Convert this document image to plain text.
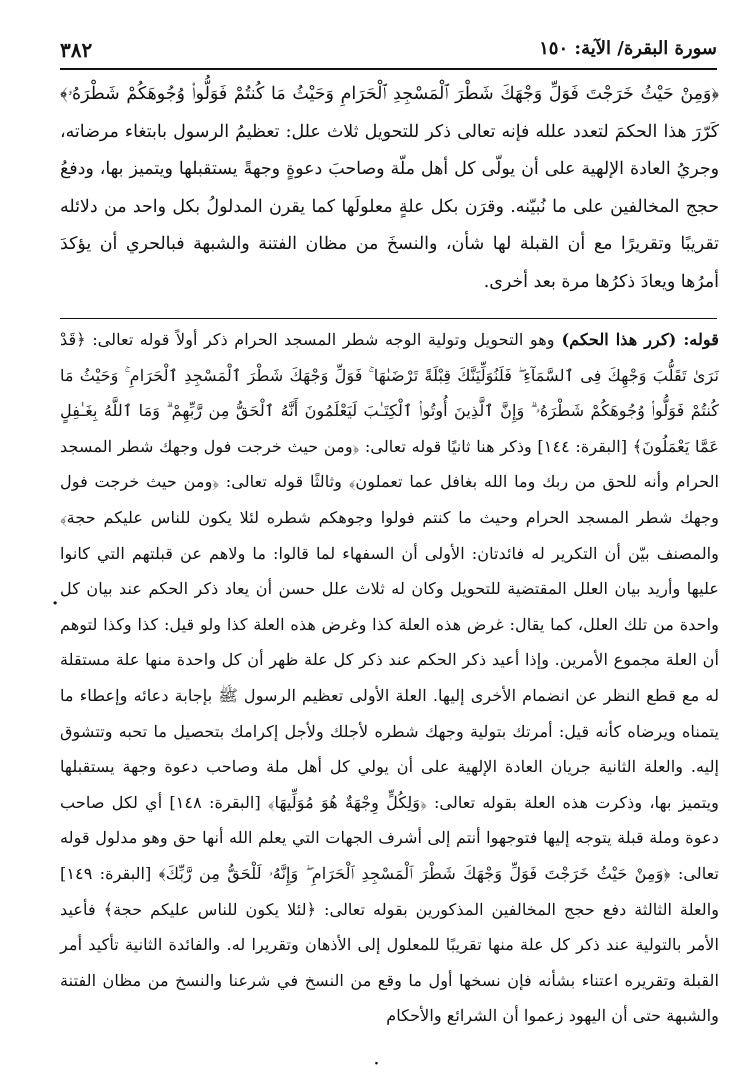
سورة البقرة/ الآية: ١٥٠
٣٨٢

﴿وَمِنْ حَيْثُ خَرَجْتَ فَوَلِّ وَجْهَكَ شَطْرَ ٱلْمَسْجِدِ ٱلْحَرَامِ وَحَيْثُ مَا كُنتُمْ فَوَلُّوا۟ وُجُوهَكُمْ شَطْرَهُۥ﴾ كَرّرَ هذا الحكمَ لتعدد علله فإنه تعالى ذكر للتحويل ثلاث علل: تعظيمُ الرسول بابتغاء مرضاته، وجريُ العادة الإلهية على أن يولّى كل أهل ملّة وصاحبَ دعوةٍ وجهةً يستقبلها ويتميز بها، ودفعُ حجج المخالفين على ما نُبيّنه. وقرَن بكل علةٍ معلولَها كما يقرن المدلولُ بكل واحد من دلائله تقريبًا وتقريرًا مع أن القبلة لها شأن، والنسخَ من مظان الفتنة والشبهة فبالحري أن يؤكدَ أمرُها ويعادَ ذكرُها مرة بعد أخرى.

قوله: (كرر هذا الحكم) وهو التحويل وتولية الوجه شطر المسجد الحرام ذكر أولاً قوله تعالى: ﴿قَدْ نَرَىٰ تَقَلُّبَ وَجْهِكَ فِى ٱلسَّمَآءِ ۖ فَلَنُوَلِّيَنَّكَ قِبْلَةً تَرْضَىٰهَا ۚ فَوَلِّ وَجْهَكَ شَطْرَ ٱلْمَسْجِدِ ٱلْحَرَامِ ۚ وَحَيْثُ مَا كُنتُمْ فَوَلُّوا۟ وُجُوهَكُمْ شَطْرَهُۥ ۗ وَإِنَّ ٱلَّذِينَ أُوتُوا۟ ٱلْكِتَـٰبَ لَيَعْلَمُونَ أَنَّهُ ٱلْحَقُّ مِن رَّبِّهِمْ ۗ وَمَا ٱللَّهُ بِغَـٰفِلٍ عَمَّا يَعْمَلُونَ﴾ [البقرة: ١٤٤] وذكر هنا ثانيًا قوله تعالى: ﴿ومن حيث خرجت فول وجهك شطر المسجد الحرام وأنه للحق من ربك وما الله بغافل عما تعملون﴾ وثالثًا قوله تعالى: ﴿ومن حيث خرجت فول وجهك شطر المسجد الحرام وحيث ما كنتم فولوا وجوهكم شطره لئلا يكون للناس عليكم حجة﴾ والمصنف بيّن أن التكرير له فائدتان: الأولى أن السفهاء لما قالوا: ما ولاهم عن قبلتهم التي كانوا عليها وأريد بيان العلل المقتضية للتحويل وكان له ثلاث علل حسن أن يعاد ذكر الحكم عند بيان كل واحدة من تلك العلل، كما يقال: غرض هذه العلة كذا وغرض هذه العلة كذا ولو قيل: كذا وكذا لتوهم أن العلة مجموع الأمرين. وإذا أعيد ذكر الحكم عند ذكر كل علة ظهر أن كل واحدة منها علة مستقلة له مع قطع النظر عن انضمام الأخرى إليها. العلة الأولى تعظيم الرسول ﷺ بإجابة دعائه وإعطاء ما يتمناه ويرضاه كأنه قيل: أمرتك بتولية وجهك شطره لأجلك ولأجل إكرامك بتحصيل ما تحبه وتتشوق إليه. والعلة الثانية جريان العادة الإلهية على أن يولي كل أهل ملة وصاحب دعوة وجهة يستقبلها ويتميز بها، وذكرت هذه العلة بقوله تعالى: ﴿وَلِكُلٍّ وِجْهَةٌ هُوَ مُوَلِّيهَا﴾ [البقرة: ١٤٨] أي لكل صاحب دعوة وملة قبلة يتوجه إليها فتوجهوا أنتم إلى أشرف الجهات التي يعلم الله أنها حق وهو مدلول قوله تعالى: ﴿وَمِنْ حَيْثُ خَرَجْتَ فَوَلِّ وَجْهَكَ شَطْرَ ٱلْمَسْجِدِ ٱلْحَرَامِ ۖ وَإِنَّهُۥ لَلْحَقُّ مِن رَّبِّكَ﴾ [البقرة: ١٤٩] والعلة الثالثة دفع حجج المخالفين المذكورين بقوله تعالى: ﴿لئلا يكون للناس عليكم حجة﴾ فأعيد الأمر بالتولية عند ذكر كل علة منها تقريبًا للمعلول إلى الأذهان وتقريرا له. والفائدة الثانية تأكيد أمر القبلة وتقريره اعتناء بشأنه فإن نسخها أول ما وقع من النسخ في شرعنا والنسخ من مظان الفتنة والشبهة حتى أن اليهود زعموا أن الشرائع والأحكام

·
·
